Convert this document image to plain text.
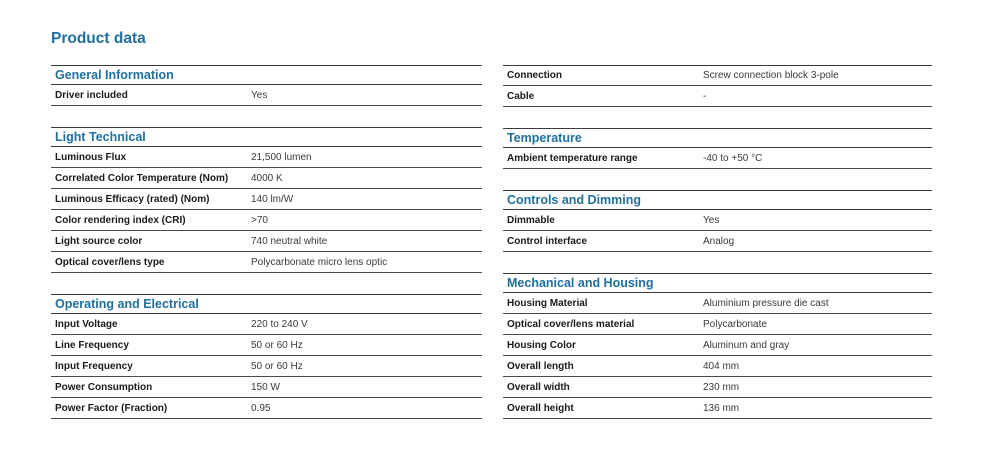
Product data
General Information
Driver included	Yes
Light Technical
Luminous Flux	21,500 lumen
Correlated Color Temperature (Nom)	4000 K
Luminous Efficacy (rated) (Nom)	140 lm/W
Color rendering index (CRI)	>70
Light source color	740 neutral white
Optical cover/lens type	Polycarbonate micro lens optic
Operating and Electrical
Input Voltage	220 to 240 V
Line Frequency	50 or 60 Hz
Input Frequency	50 or 60 Hz
Power Consumption	150 W
Power Factor (Fraction)	0.95
Connection	Screw connection block 3-pole
Cable	-
Temperature
Ambient temperature range	-40 to +50 °C
Controls and Dimming
Dimmable	Yes
Control interface	Analog
Mechanical and Housing
Housing Material	Aluminium pressure die cast
Optical cover/lens material	Polycarbonate
Housing Color	Aluminum and gray
Overall length	404 mm
Overall width	230 mm
Overall height	136 mm
